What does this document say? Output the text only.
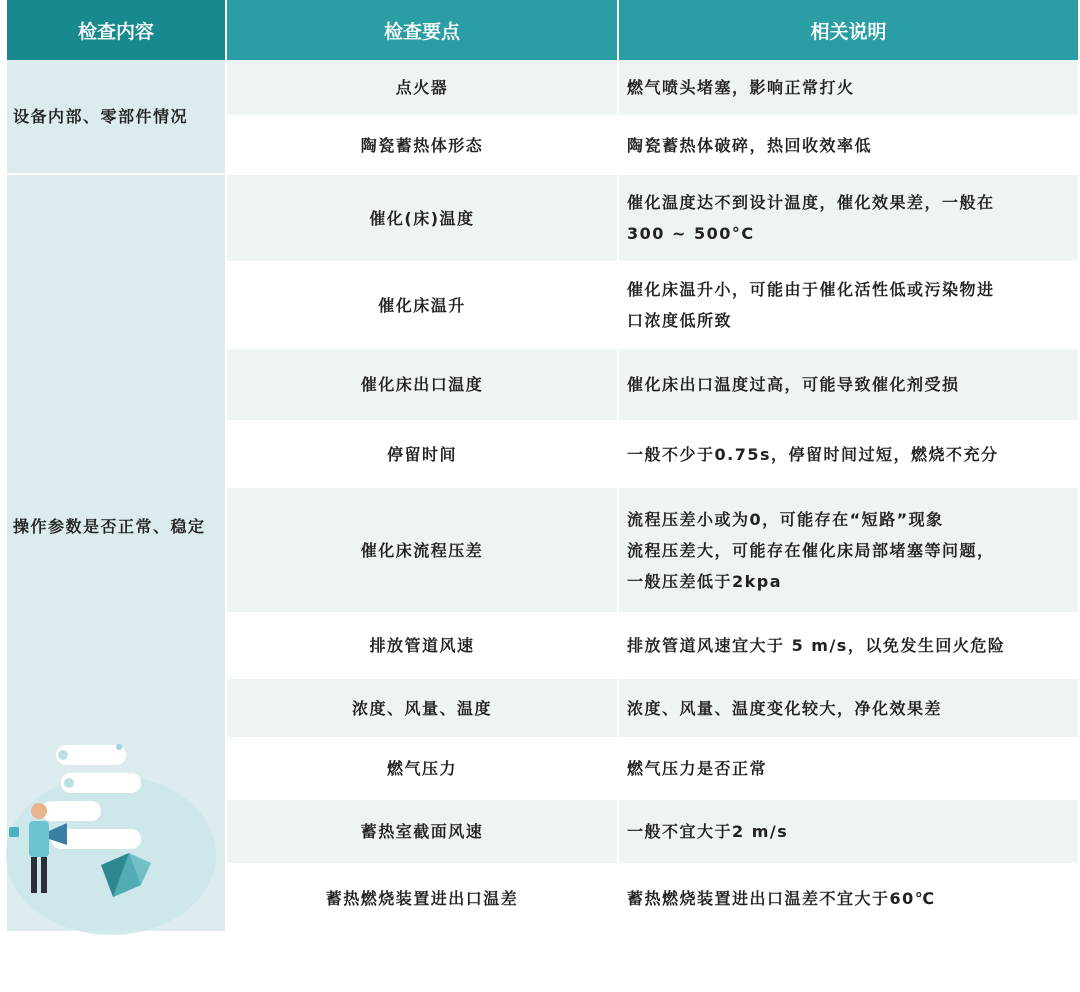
检查内容	检查要点	相关说明

设备内部、零部件情况	点火器	燃气喷头堵塞，影响正常打火

	陶瓷蓄热体形态	陶瓷蓄热体破碎，热回收效率低

操作参数是否正常、稳定	催化(床)温度	催化温度达不到设计温度，催化效果差，一般在
300 ~ 500°C

	催化床温升	催化床温升小，可能由于催化活性低或污染物进
口浓度低所致

	催化床出口温度	催化床出口温度过高，可能导致催化剂受损

	停留时间	一般不少于0.75s，停留时间过短，燃烧不充分

	催化床流程压差	流程压差小或为0，可能存在“短路”现象
流程压差大，可能存在催化床局部堵塞等问题，
一般压差低于2kpa

	排放管道风速	排放管道风速宜大于 5 m/s，以免发生回火危险

	浓度、风量、温度	浓度、风量、温度变化较大，净化效果差

	燃气压力	燃气压力是否正常

	蓄热室截面风速	一般不宜大于2 m/s

	蓄热燃烧装置进出口温差	蓄热燃烧装置进出口温差不宜大于60℃
